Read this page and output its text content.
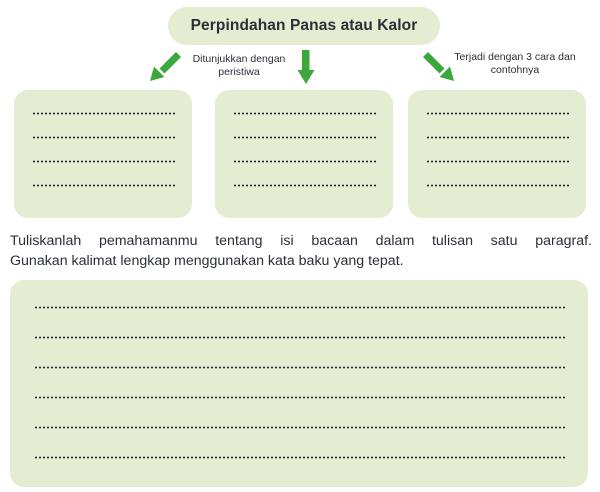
Perpindahan Panas atau Kalor
Ditunjukkan dengan peristiwa
Terjadi dengan 3 cara dan contohnya
Tuliskanlah pemahamanmu tentang isi bacaan dalam tulisan satu paragraf.
Gunakan kalimat lengkap menggunakan kata baku yang tepat.
